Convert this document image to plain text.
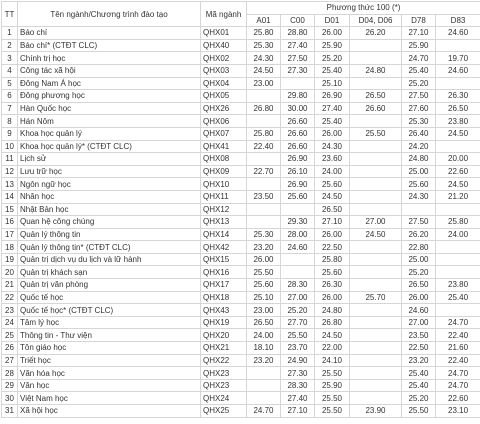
TT	Tên ngành/Chương trình đào tạo	Mã ngành	Phương thức 100 (*)					
			A01	C00	D01	D04, D06	D78	D83
1	Báo chí	QHX01	25.80	28.80	26.00	26.20	27.10	24.60
2	Báo chí* (CTĐT CLC)	QHX40	25.30	27.40	25.90		25.90	
3	Chính trị học	QHX02	24.30	27.50	25.20		24.70	19.70
4	Công tác xã hội	QHX03	24.50	27.30	25.40	24.80	25.40	24.60
5	Đông Nam Á học	QHX04	23.00		25.10		25.20	
6	Đông phương học	QHX05		29.80	26.90	26.50	27.50	26.30
7	Hàn Quốc học	QHX26	26.80	30.00	27.40	26.60	27.60	26.50
8	Hán Nôm	QHX06		26.60	25.40		25.30	23.80
9	Khoa học quản lý	QHX07	25.80	26.60	26.00	25.50	26.40	24.50
10	Khoa học quản lý* (CTĐT CLC)	QHX41	22.40	26.60	24.30		24.20	
11	Lịch sử	QHX08		26.90	23.60		24.80	20.00
12	Lưu trữ học	QHX09	22.70	26.10	24.00		25.00	22.60
13	Ngôn ngữ học	QHX10		26.90	25.60		25.60	24.50
14	Nhân học	QHX11	23.50	25.60	24.50		24.30	21.20
15	Nhật Bản học	QHX12			26.50			
16	Quan hệ công chúng	QHX13		29.30	27.10	27.00	27.50	25.80
17	Quản lý thông tin	QHX14	25.30	28.00	26.00	24.50	26.20	24.00
18	Quản lý thông tin* (CTĐT CLC)	QHX42	23.20	24.60	22.50		22.80	
19	Quản trị dịch vụ du lịch và lữ hành	QHX15	26.00		25.80		25.00	
20	Quản trị khách sạn	QHX16	25.50		25.60		25.20	
21	Quản trị văn phòng	QHX17	25.60	28.30	26.30		26.50	23.80
22	Quốc tế học	QHX18	25.10	27.00	26.00	25.70	26.00	25.40
23	Quốc tế học* (CTĐT CLC)	QHX43	23.00	25.20	24.80		24.60	
24	Tâm lý học	QHX19	26.50	27.70	26.80		27.00	24.70
25	Thông tin - Thư viện	QHX20	24.00	25.50	24.50		23.50	22.40
26	Tôn giáo học	QHX21	18.10	23.70	22.00		22.50	21.60
27	Triết học	QHX22	23.20	24.90	24.10		23.20	22.40
28	Văn hóa học	QHX23		27.30	25.50		25.40	24.70
29	Văn học	QHX23		28.30	25.90		25.40	24.70
30	Việt Nam học	QHX24		27.40	25.50		25.20	22.60
31	Xã hội học	QHX25	24.70	27.10	25.50	23.90	25.50	23.10
